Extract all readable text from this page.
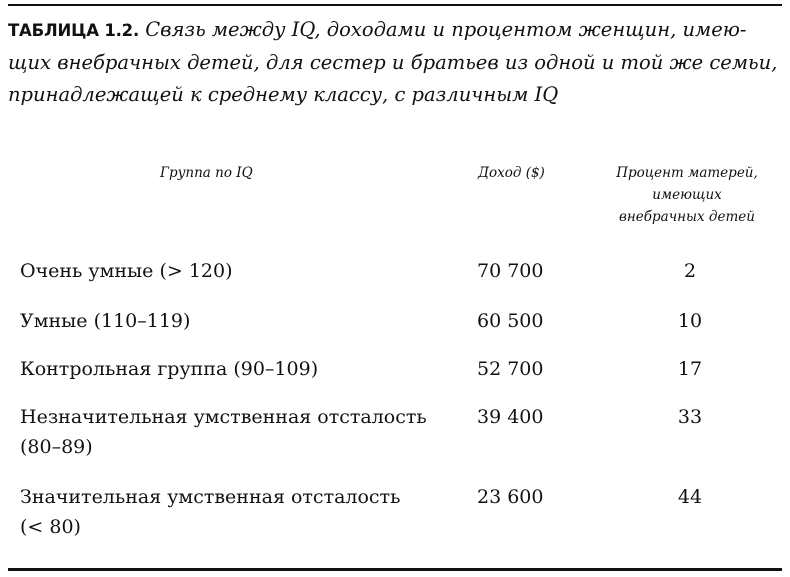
ТАБЛИЦА 1.2. Связь между IQ, доходами и процентом женщин, имею-
щих внебрачных детей, для сестер и братьев из одной и той же семьи,
принадлежащей к среднему классу, с различным IQ
Группа по IQ	Доход ($)	Процент матерей,
имеющих
внебрачных детей
Очень умные (> 120)	70 700	2
Умные (110–119)	60 500	10
Контрольная группа (90–109)	52 700	17
Незначительная умственная отсталость
(80–89)
39 400	33
Значительная умственная отсталость
(< 80)
23 600	44
